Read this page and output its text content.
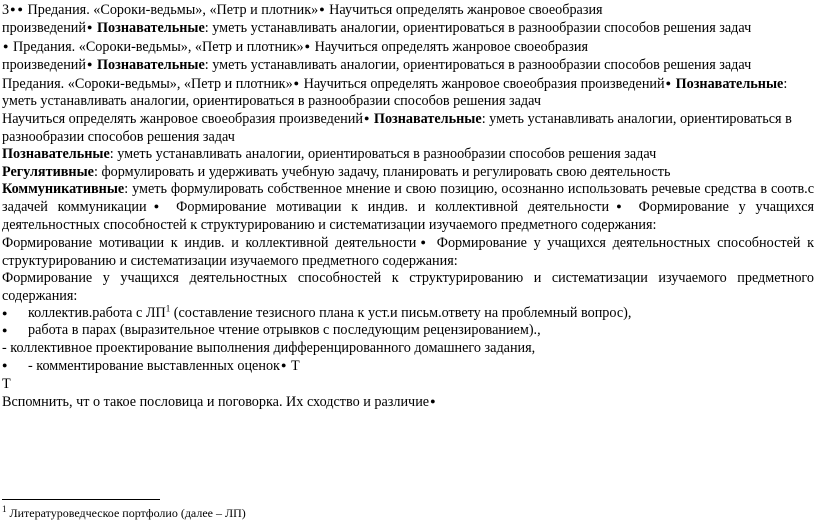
3● ● Предания. «Сороки-ведьмы», «Петр и плотник»● Научиться определять жанровое своеобразия
произведений ● Познавательные: уметь устанавливать аналогии, ориентироваться в разнообразии способов решения задач

● Предания. «Сороки-ведьмы», «Петр и плотник»● Научиться определять жанровое своеобразия
произведений ● Познавательные: уметь устанавливать аналогии, ориентироваться в разнообразии способов решения задач

Предания. «Сороки-ведьмы», «Петр и плотник»● Научиться определять жанровое своеобразия произведений ● Познавательные: уметь устанавливать аналогии, ориентироваться в разнообразии способов решения задач

Научиться определять жанровое своеобразия произведений ● Познавательные: уметь устанавливать аналогии, ориентироваться в разнообразии способов решения задач

Познавательные: уметь устанавливать аналогии, ориентироваться в разнообразии способов решения задач

Регулятивные: формулировать и удерживать учебную задачу, планировать и регулировать свою деятельность

Коммуникативные: уметь формулировать собственное мнение и свою позицию, осознанно использовать речевые средства в соотв.с задачей коммуникации● Формирование мотивации к индив. и коллективной деятельности● Формирование у учащихся деятельностных способностей к структурированию и систематизации изучаемого предметного содержания:

Формирование мотивации к индив. и коллективной деятельности● Формирование у учащихся деятельностных способностей к структурированию и систематизации изучаемого предметного содержания:

Формирование у учащихся деятельностных способностей к структурированию и систематизации изучаемого предметного содержания:

● коллектив.работа с $ЛП^1$ (составление тезисного плана к уст.и письм.ответу на проблемный вопрос),

● работа в парах (выразительное чтение отрывков с последующим рецензированием).,

- коллективное проектирование выполнения дифференцированного домашнего задания,

● - комментирование выставленных оценок● Т

Т

Вспомнить, чт о такое пословица и поговорка. Их сходство и различие●

$^1$ Литературоведческое портфолио (далее – ЛП)
